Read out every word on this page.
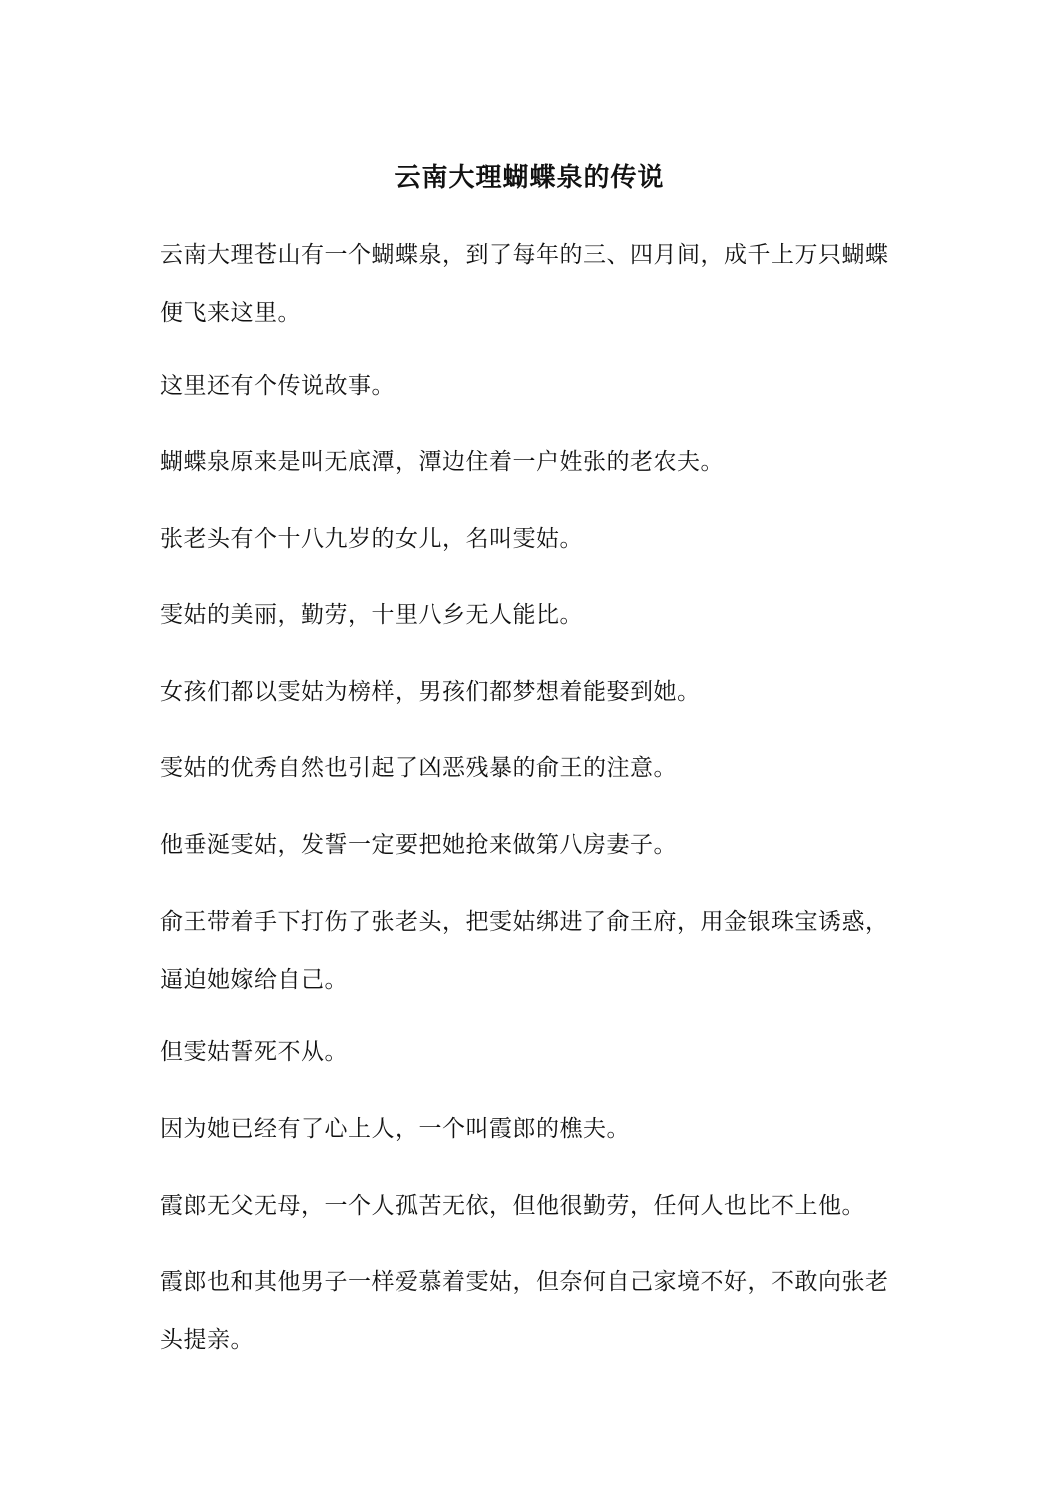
云南大理蝴蝶泉的传说

云南大理苍山有一个蝴蝶泉，到了每年的三、四月间，成千上万只蝴蝶便飞来这里。

这里还有个传说故事。

蝴蝶泉原来是叫无底潭，潭边住着一户姓张的老农夫。

张老头有个十八九岁的女儿，名叫雯姑。

雯姑的美丽，勤劳，十里八乡无人能比。

女孩们都以雯姑为榜样，男孩们都梦想着能娶到她。

雯姑的优秀自然也引起了凶恶残暴的俞王的注意。

他垂涎雯姑，发誓一定要把她抢来做第八房妻子。

俞王带着手下打伤了张老头，把雯姑绑进了俞王府，用金银珠宝诱惑，逼迫她嫁给自己。

但雯姑誓死不从。

因为她已经有了心上人，一个叫霞郎的樵夫。

霞郎无父无母，一个人孤苦无依，但他很勤劳，任何人也比不上他。

霞郎也和其他男子一样爱慕着雯姑，但奈何自己家境不好，不敢向张老头提亲。
